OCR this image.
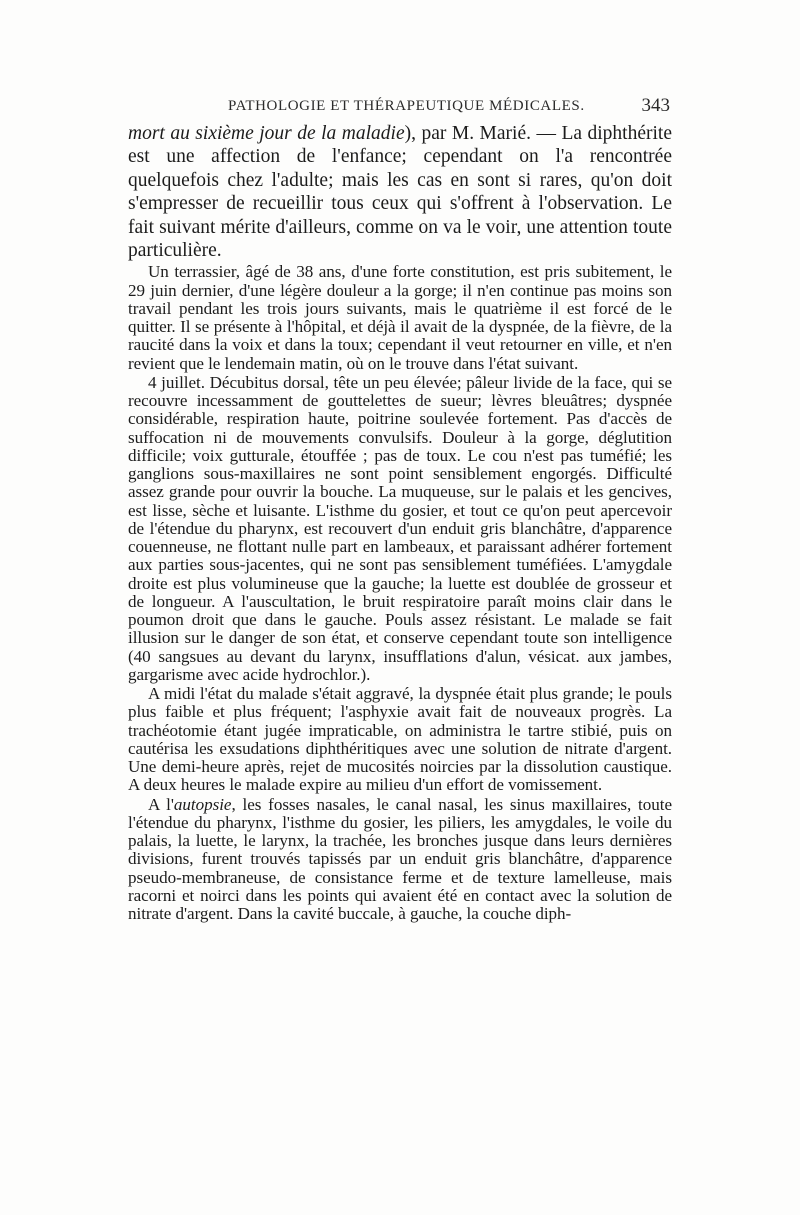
PATHOLOGIE ET THÉRAPEUTIQUE MÉDICALES.	343

mort au sixième jour de la maladie), par M. Marié. — La diphthérite est une affection de l'enfance; cependant on l'a rencontrée quelquefois chez l'adulte; mais les cas en sont si rares, qu'on doit s'empresser de recueillir tous ceux qui s'offrent à l'observation. Le fait suivant mérite d'ailleurs, comme on va le voir, une attention toute particulière.

Un terrassier, âgé de 38 ans, d'une forte constitution, est pris subitement, le 29 juin dernier, d'une légère douleur a la gorge; il n'en continue pas moins son travail pendant les trois jours suivants, mais le quatrième il est forcé de le quitter. Il se présente à l'hôpital, et déjà il avait de la dyspnée, de la fièvre, de la raucité dans la voix et dans la toux; cependant il veut retourner en ville, et n'en revient que le lendemain matin, où on le trouve dans l'état suivant.

4 juillet. Décubitus dorsal, tête un peu élevée; pâleur livide de la face, qui se recouvre incessamment de gouttelettes de sueur; lèvres bleuâtres; dyspnée considérable, respiration haute, poitrine soulevée fortement. Pas d'accès de suffocation ni de mouvements convulsifs. Douleur à la gorge, déglutition difficile; voix gutturale, étouffée ; pas de toux. Le cou n'est pas tuméfié; les ganglions sous-maxillaires ne sont point sensiblement engorgés. Difficulté assez grande pour ouvrir la bouche. La muqueuse, sur le palais et les gencives, est lisse, sèche et luisante. L'isthme du gosier, et tout ce qu'on peut apercevoir de l'étendue du pharynx, est recouvert d'un enduit gris blanchâtre, d'apparence couenneuse, ne flottant nulle part en lambeaux, et paraissant adhérer fortement aux parties sous-jacentes, qui ne sont pas sensiblement tuméfiées. L'amygdale droite est plus volumineuse que la gauche; la luette est doublée de grosseur et de longueur. A l'auscultation, le bruit respiratoire paraît moins clair dans le poumon droit que dans le gauche. Pouls assez résistant. Le malade se fait illusion sur le danger de son état, et conserve cependant toute son intelligence (40 sangsues au devant du larynx, insufflations d'alun, vésicat. aux jambes, gargarisme avec acide hydrochlor.).

A midi l'état du malade s'était aggravé, la dyspnée était plus grande; le pouls plus faible et plus fréquent; l'asphyxie avait fait de nouveaux progrès. La trachéotomie étant jugée impraticable, on administra le tartre stibié, puis on cautérisa les exsudations diphthéritiques avec une solution de nitrate d'argent. Une demi-heure après, rejet de mucosités noircies par la dissolution caustique. A deux heures le malade expire au milieu d'un effort de vomissement.

A l'autopsie, les fosses nasales, le canal nasal, les sinus maxillaires, toute l'étendue du pharynx, l'isthme du gosier, les piliers, les amygdales, le voile du palais, la luette, le larynx, la trachée, les bronches jusque dans leurs dernières divisions, furent trouvés tapissés par un enduit gris blanchâtre, d'apparence pseudo-membraneuse, de consistance ferme et de texture lamelleuse, mais racorni et noirci dans les points qui avaient été en contact avec la solution de nitrate d'argent. Dans la cavité buccale, à gauche, la couche diph-
